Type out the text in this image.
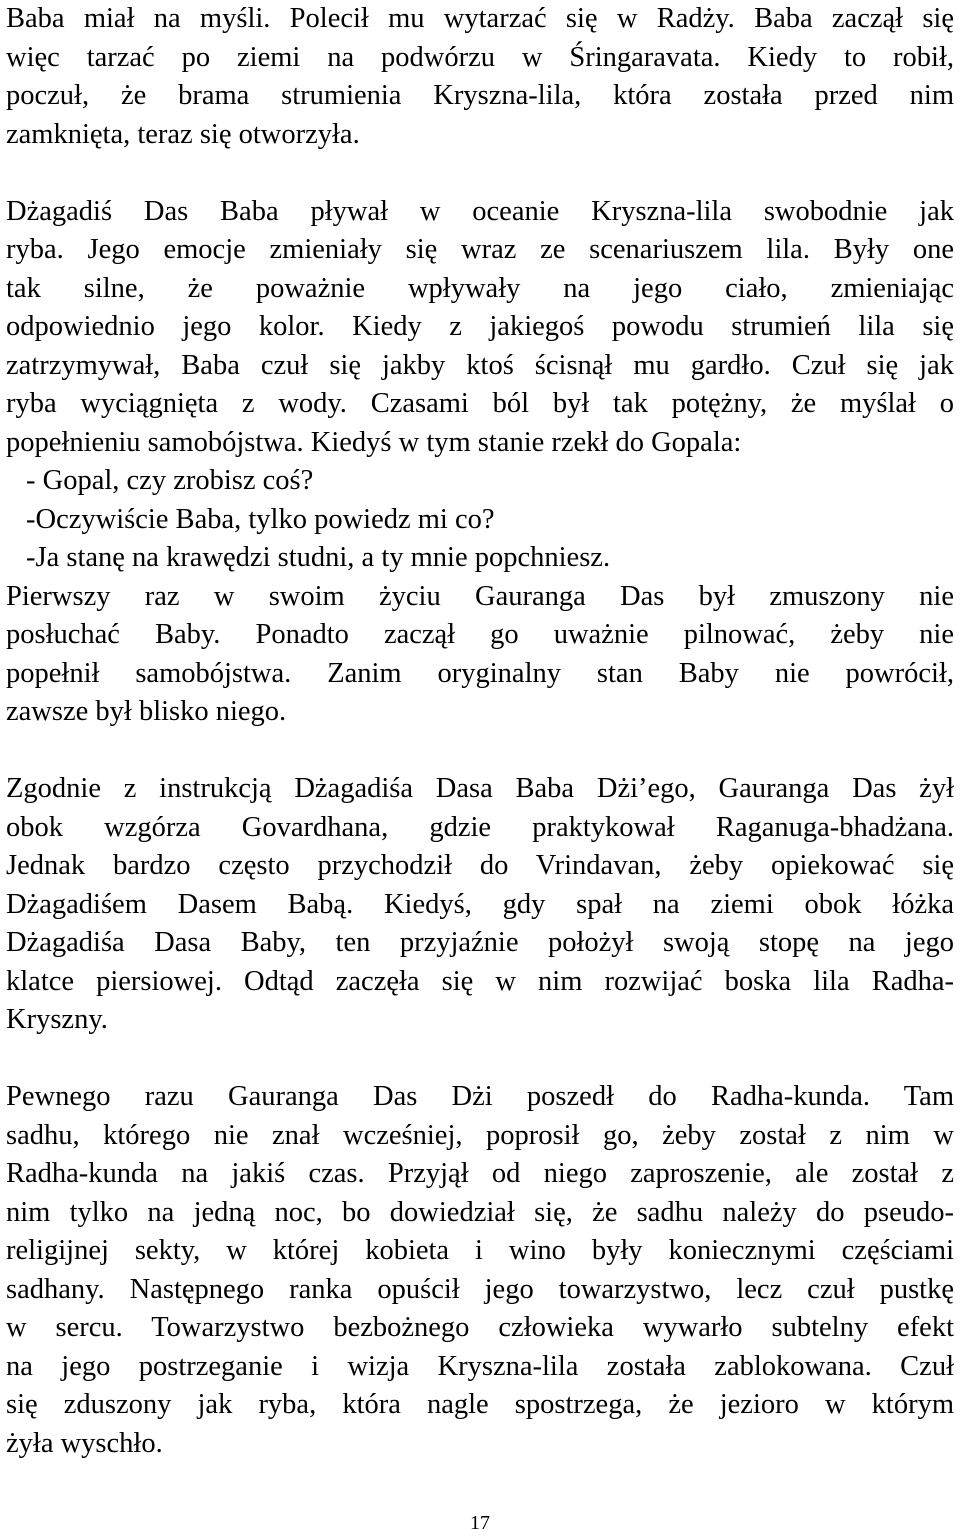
Baba miał na myśli. Polecił mu wytarzać się w Radży. Baba zaczął się
więc tarzać po ziemi na podwórzu w Śringaravata. Kiedy to robił,
poczuł, że brama strumienia Kryszna-lila, która została przed nim
zamknięta, teraz się otworzyła.
Dżagadiś Das Baba pływał w oceanie Kryszna-lila swobodnie jak
ryba. Jego emocje zmieniały się wraz ze scenariuszem lila. Były one
tak silne, że poważnie wpływały na jego ciało, zmieniając
odpowiednio jego kolor. Kiedy z jakiegoś powodu strumień lila się
zatrzymywał, Baba czuł się jakby ktoś ścisnął mu gardło. Czuł się jak
ryba wyciągnięta z wody. Czasami ból był tak potężny, że myślał o
popełnieniu samobójstwa. Kiedyś w tym stanie rzekł do Gopala:
- Gopal, czy zrobisz coś?
-Oczywiście Baba, tylko powiedz mi co?
-Ja stanę na krawędzi studni, a ty mnie popchniesz.
Pierwszy raz w swoim życiu Gauranga Das był zmuszony nie
posłuchać Baby. Ponadto zaczął go uważnie pilnować, żeby nie
popełnił samobójstwa. Zanim oryginalny stan Baby nie powrócił,
zawsze był blisko niego.
Zgodnie z instrukcją Dżagadiśa Dasa Baba Dżi’ego, Gauranga Das żył
obok wzgórza Govardhana, gdzie praktykował Raganuga-bhadżana.
Jednak bardzo często przychodził do Vrindavan, żeby opiekować się
Dżagadiśem Dasem Babą. Kiedyś, gdy spał na ziemi obok łóżka
Dżagadiśa Dasa Baby, ten przyjaźnie położył swoją stopę na jego
klatce piersiowej. Odtąd zaczęła się w nim rozwijać boska lila Radha-
Kryszny.
Pewnego razu Gauranga Das Dżi poszedł do Radha-kunda. Tam
sadhu, którego nie znał wcześniej, poprosił go, żeby został z nim w
Radha-kunda na jakiś czas. Przyjął od niego zaproszenie, ale został z
nim tylko na jedną noc, bo dowiedział się, że sadhu należy do pseudo-
religijnej sekty, w której kobieta i wino były koniecznymi częściami
sadhany. Następnego ranka opuścił jego towarzystwo, lecz czuł pustkę
w sercu. Towarzystwo bezbożnego człowieka wywarło subtelny efekt
na jego postrzeganie i wizja Kryszna-lila została zablokowana. Czuł
się zduszony jak ryba, która nagle spostrzega, że jezioro w którym
żyła wyschło.
17
